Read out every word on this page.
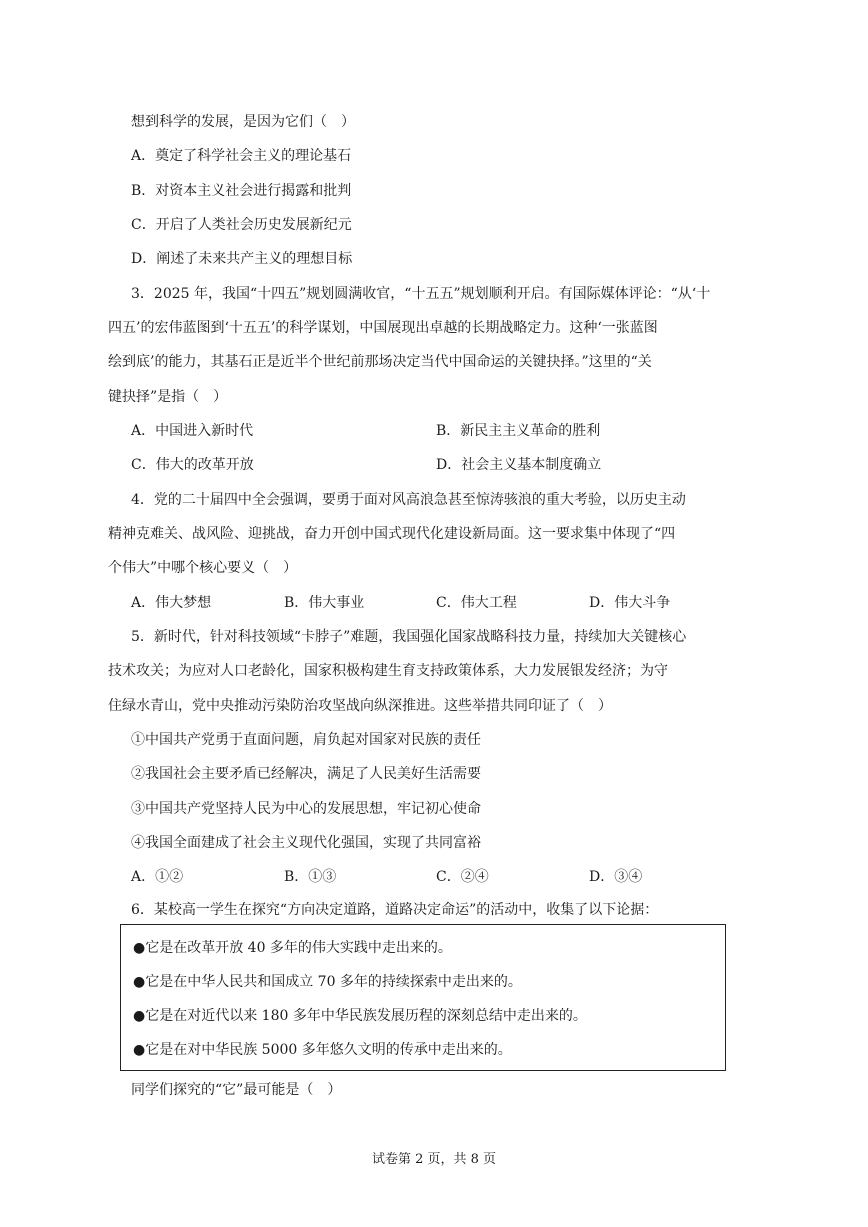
想到科学的发展，是因为它们（　）
A．奠定了科学社会主义的理论基石
B．对资本主义社会进行揭露和批判
C．开启了人类社会历史发展新纪元
D．阐述了未来共产主义的理想目标
3．2025 年，我国“十四五”规划圆满收官，“十五五”规划顺利开启。有国际媒体评论：“从‘十
四五’的宏伟蓝图到‘十五五’的科学谋划，中国展现出卓越的长期战略定力。这种‘一张蓝图
绘到底’的能力，其基石正是近半个世纪前那场决定当代中国命运的关键抉择。”这里的“关
键抉择”是指（　）
A．中国进入新时代	B．新民主主义革命的胜利
C．伟大的改革开放	D．社会主义基本制度确立
4．党的二十届四中全会强调，要勇于面对风高浪急甚至惊涛骇浪的重大考验，以历史主动
精神克难关、战风险、迎挑战，奋力开创中国式现代化建设新局面。这一要求集中体现了“四
个伟大”中哪个核心要义（　）
A．伟大梦想	B．伟大事业	C．伟大工程	D．伟大斗争
5．新时代，针对科技领域“卡脖子”难题，我国强化国家战略科技力量，持续加大关键核心
技术攻关；为应对人口老龄化，国家积极构建生育支持政策体系，大力发展银发经济；为守
住绿水青山，党中央推动污染防治攻坚战向纵深推进。这些举措共同印证了（　）
①中国共产党勇于直面问题，肩负起对国家对民族的责任
②我国社会主要矛盾已经解决，满足了人民美好生活需要
③中国共产党坚持人民为中心的发展思想，牢记初心使命
④我国全面建成了社会主义现代化强国，实现了共同富裕
A．①②	B．①③	C．②④	D．③④
6．某校高一学生在探究“方向决定道路，道路决定命运”的活动中，收集了以下论据：
●它是在改革开放 40 多年的伟大实践中走出来的。
●它是在中华人民共和国成立 70 多年的持续探索中走出来的。
●它是在对近代以来 180 多年中华民族发展历程的深刻总结中走出来的。
●它是在对中华民族 5000 多年悠久文明的传承中走出来的。
同学们探究的“它”最可能是（　）
试卷第 2 页，共 8 页
